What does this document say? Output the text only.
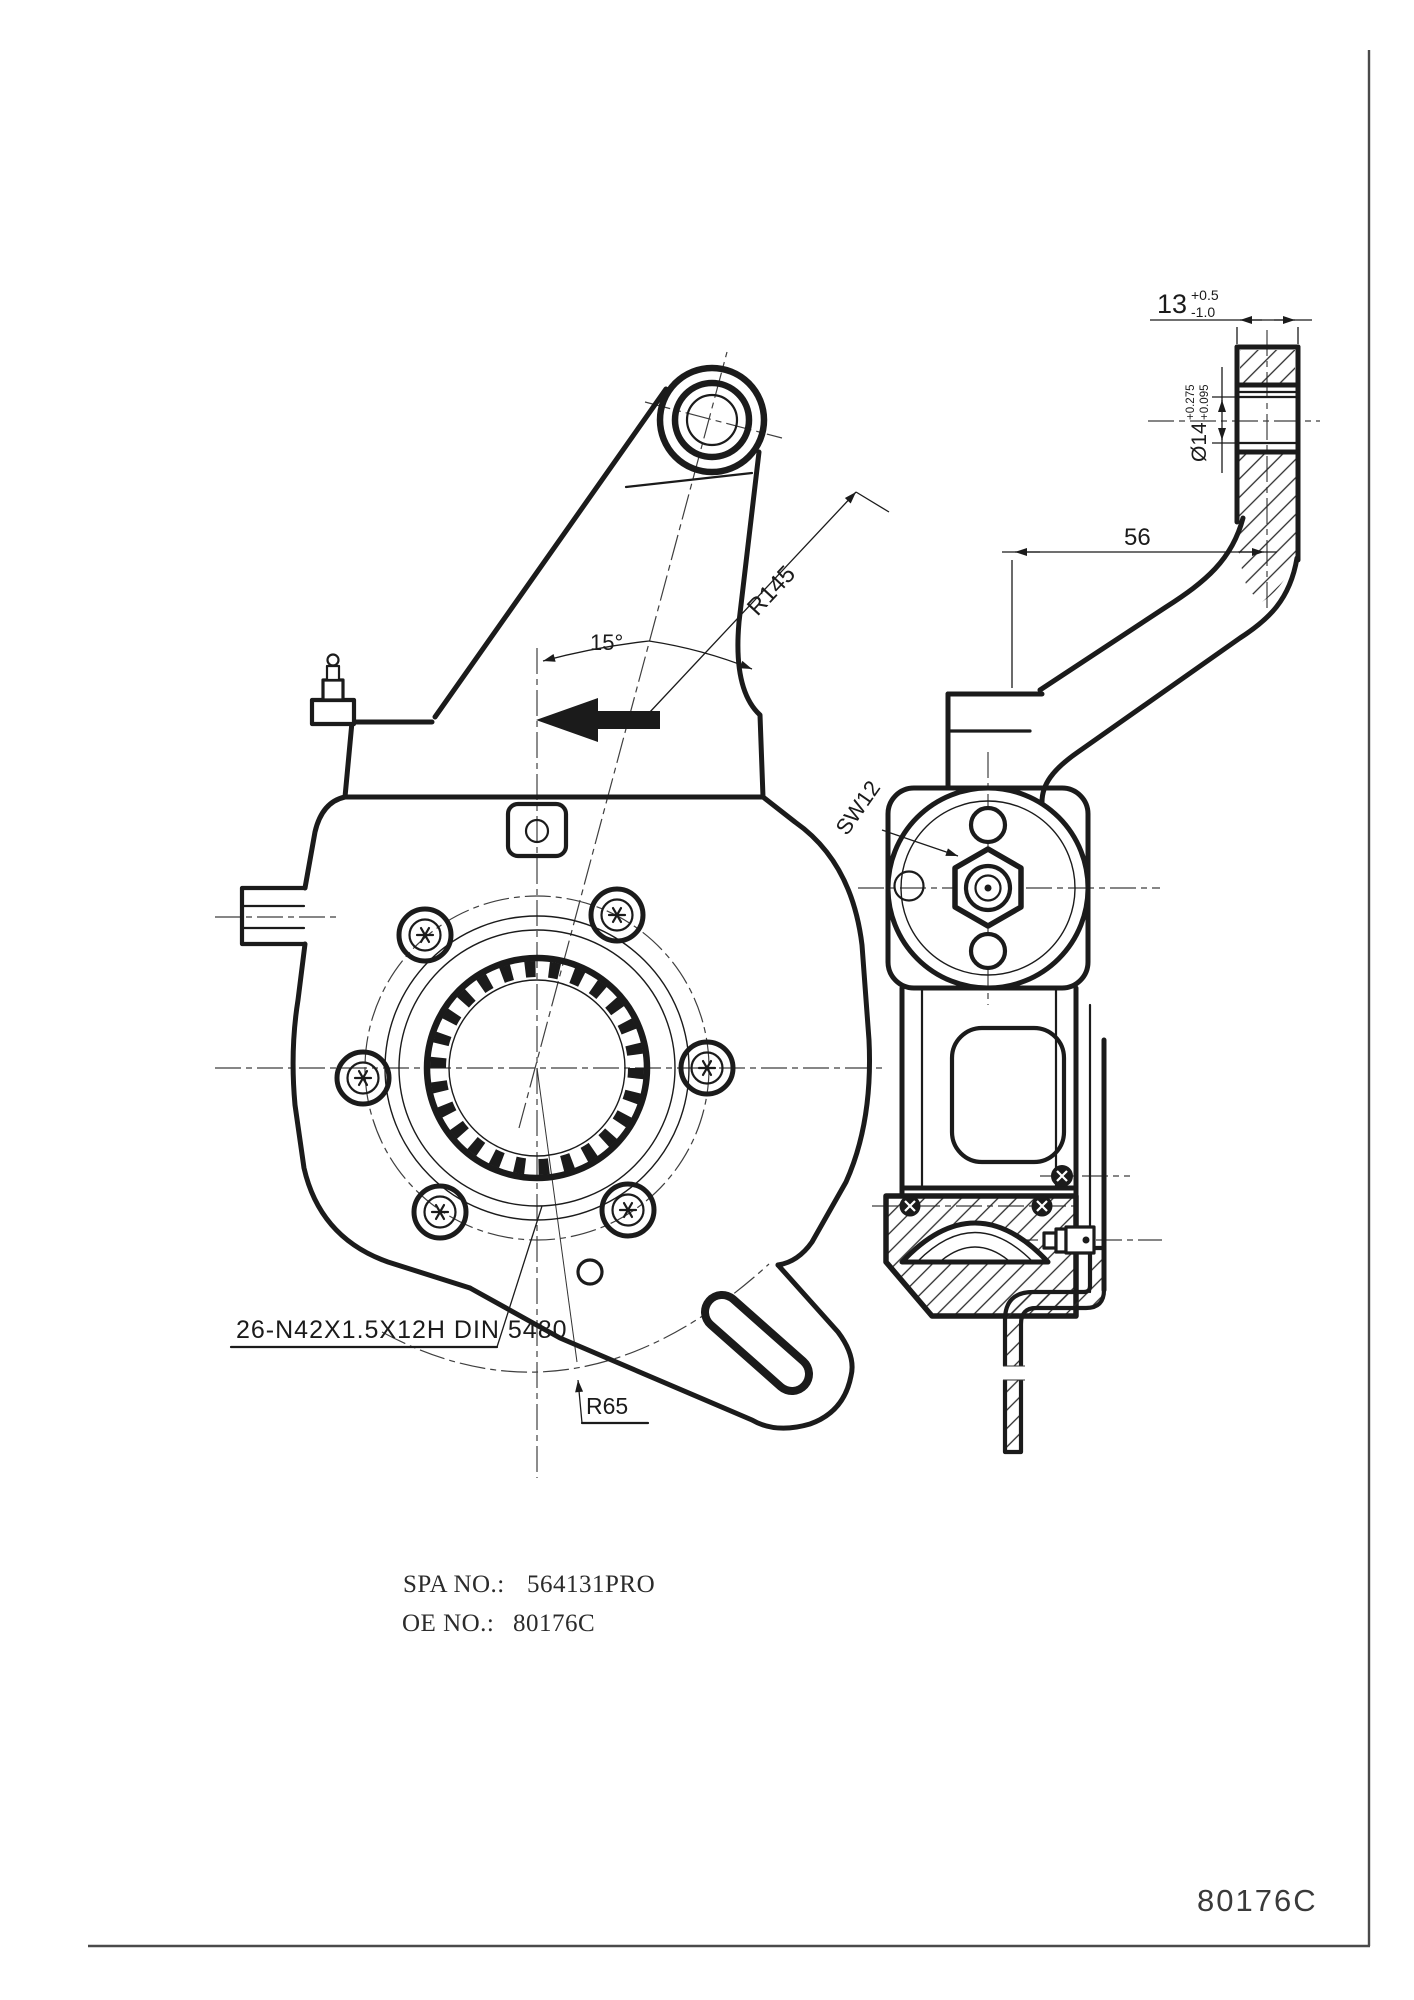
15°
R145
26-N42X1.5X12H DIN 5480
R65
13 +0.5
-1.0
Ø14
+0.275 +0.095
56
SW12
SPA NO.: 564131PRO
OE NO.: 80176C
80176C
